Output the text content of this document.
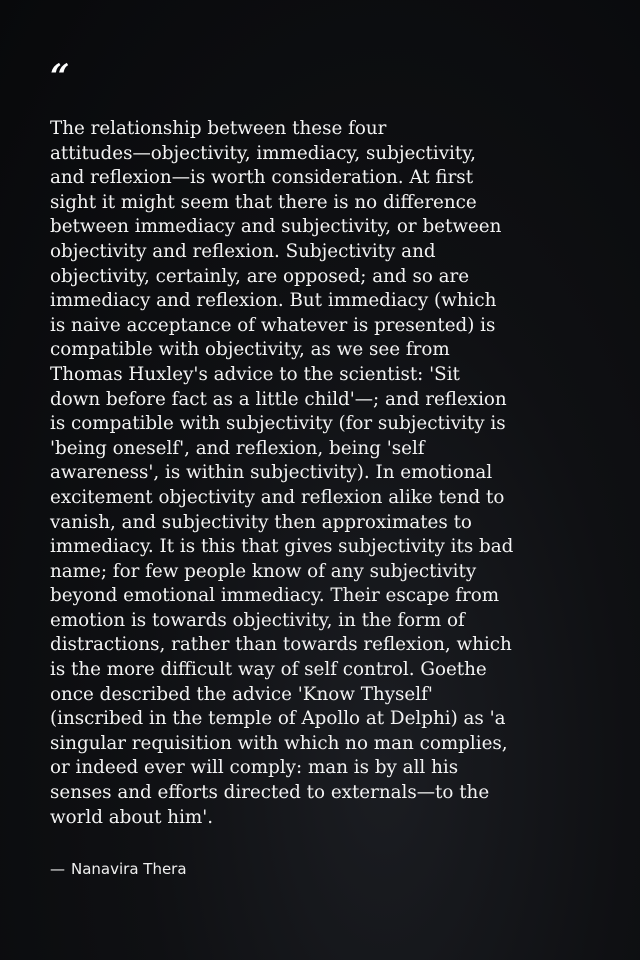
“

The relationship between these four
attitudes—objectivity, immediacy, subjectivity,
and reflexion—is worth consideration. At first
sight it might seem that there is no difference
between immediacy and subjectivity, or between
objectivity and reflexion. Subjectivity and
objectivity, certainly, are opposed; and so are
immediacy and reflexion. But immediacy (which
is naive acceptance of whatever is presented) is
compatible with objectivity, as we see from
Thomas Huxley's advice to the scientist: 'Sit
down before fact as a little child'—; and reflexion
is compatible with subjectivity (for subjectivity is
'being oneself', and reflexion, being 'self
awareness', is within subjectivity). In emotional
excitement objectivity and reflexion alike tend to
vanish, and subjectivity then approximates to
immediacy. It is this that gives subjectivity its bad
name; for few people know of any subjectivity
beyond emotional immediacy. Their escape from
emotion is towards objectivity, in the form of
distractions, rather than towards reflexion, which
is the more difficult way of self control. Goethe
once described the advice 'Know Thyself'
(inscribed in the temple of Apollo at Delphi) as 'a
singular requisition with which no man complies,
or indeed ever will comply: man is by all his
senses and efforts directed to externals—to the
world about him'.

— Nanavira Thera
